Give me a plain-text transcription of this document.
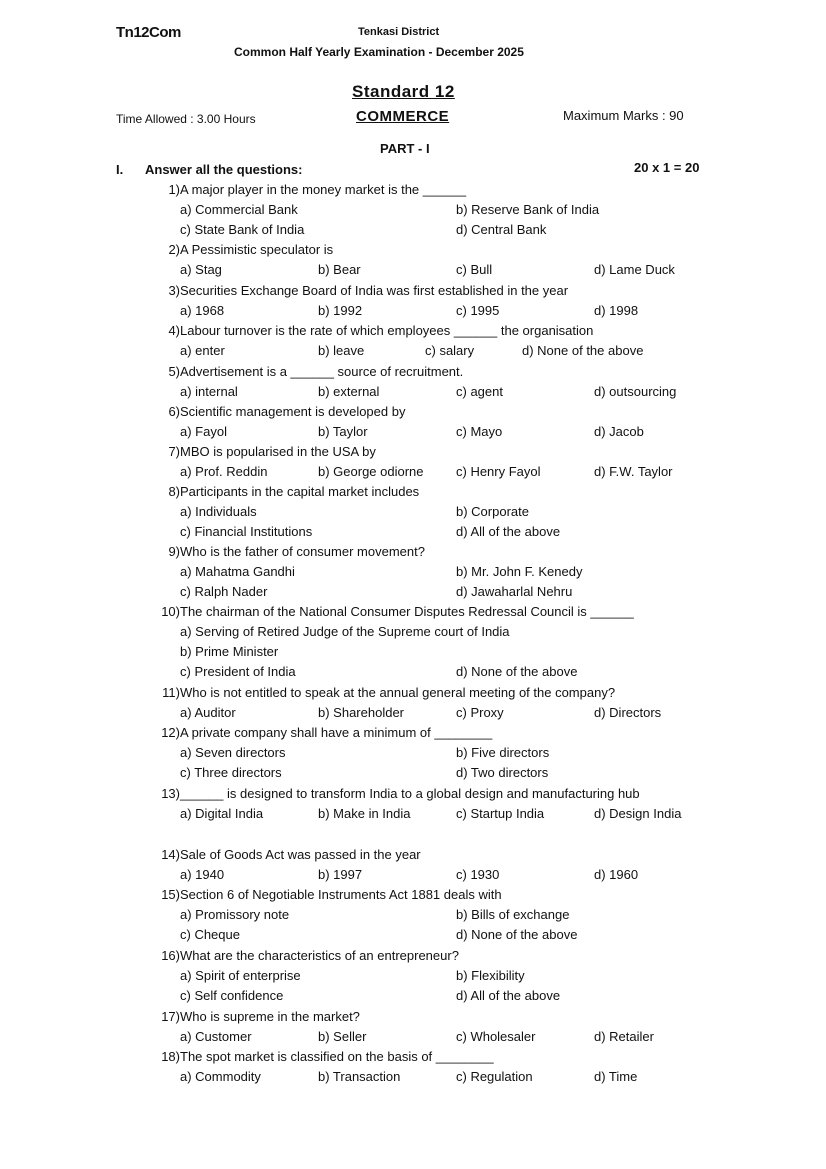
Tn12Com	Tenkasi District
Common Half Yearly Examination - December 2025
Standard 12
COMMERCE
Time Allowed : 3.00 Hours	Maximum Marks : 90
PART - I
I. Answer all the questions:	20 x 1 = 20
1) A major player in the money market is the ______
a) Commercial Bank	b) Reserve Bank of India
c) State Bank of India	d) Central Bank
2) A Pessimistic speculator is
a) Stag	b) Bear	c) Bull	d) Lame Duck
3) Securities Exchange Board of India was first established in the year
a) 1968	b) 1992	c) 1995	d) 1998
4) Labour turnover is the rate of which employees ______ the organisation
a) enter	b) leave	c) salary	d) None of the above
5) Advertisement is a ______ source of recruitment.
a) internal	b) external	c) agent	d) outsourcing
6) Scientific management is developed by
a) Fayol	b) Taylor	c) Mayo	d) Jacob
7) MBO is popularised in the USA by
a) Prof. Reddin	b) George odiorne c) Henry Fayol	d) F.W. Taylor
8) Participants in the capital market includes
a) Individuals	b) Corporate
c) Financial Institutions	d) All of the above
9) Who is the father of consumer movement?
a) Mahatma Gandhi	b) Mr. John F. Kenedy
c) Ralph Nader	d) Jawaharlal Nehru
10) The chairman of the National Consumer Disputes Redressal Council is ______
a) Serving of Retired Judge of the Supreme court of India
b) Prime Minister
c) President of India	d) None of the above
11) Who is not entitled to speak at the annual general meeting of the company?
a) Auditor	b) Shareholder	c) Proxy	d) Directors
12) A private company shall have a minimum of ________
a) Seven directors	b) Five directors
c) Three directors	d) Two directors
13) ______ is designed to transform India to a global design and manufacturing hub
a) Digital India	b) Make in India	c) Startup India	d) Design India
14) Sale of Goods Act was passed in the year
a) 1940	b) 1997	c) 1930	d) 1960
15) Section 6 of Negotiable Instruments Act 1881 deals with
a) Promissory note	b) Bills of exchange
c) Cheque	d) None of the above
16) What are the characteristics of an entrepreneur?
a) Spirit of enterprise	b) Flexibility
c) Self confidence	d) All of the above
17) Who is supreme in the market?
a) Customer	b) Seller	c) Wholesaler	d) Retailer
18) The spot market is classified on the basis of ________
a) Commodity	b) Transaction	c) Regulation	d) Time
